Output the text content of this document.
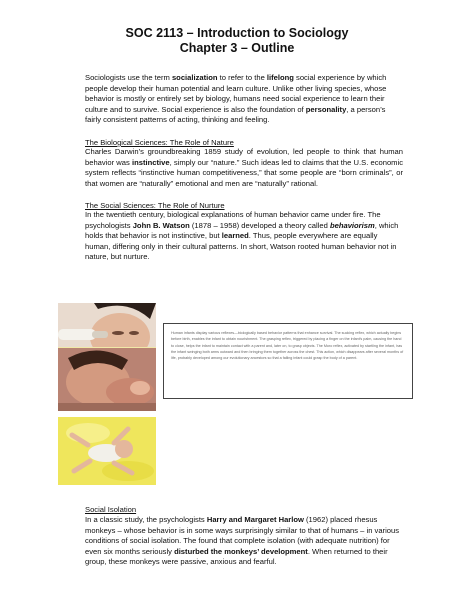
SOC 2113 – Introduction to Sociology
Chapter 3 – Outline
Sociologists use the term socialization to refer to the lifelong social experience by which people develop their human potential and learn culture. Unlike other living species, whose behavior is mostly or entirely set by biology, humans need social experience to learn their culture and to survive. Social experience is also the foundation of personality, a person’s fairly consistent patterns of acting, thinking and feeling.
The Biological Sciences: The Role of Nature
Charles Darwin’s groundbreaking 1859 study of evolution, led people to think that human behavior was instinctive, simply our “nature.” Such ideas led to claims that the U.S. economic system reflects “instinctive human competitiveness,” that some people are “born criminals”, or that women are “naturally” emotional and men are “naturally” rational.
The Social Sciences: The Role of Nurture
In the twentieth century, biological explanations of human behavior came under fire. The psychologists John B. Watson (1878 – 1958) developed a theory called behaviorism, which holds that behavior is not instinctive, but learned. Thus, people everywhere are equally human, differing only in their cultural patterns. In short, Watson rooted human behavior not in nature, but nurture.

Human infants display various reflexes—biologically based behavior patterns that enhance survival. The sucking reflex, which actually begins before birth, enables the infant to obtain nourishment. The grasping reflex, triggered by placing a finger on the infant's palm, causing the hand to close, helps the infant to maintain contact with a parent and, later on, to grasp objects. The Moro reflex, activated by startling the infant, has the infant swinging both arms outward and then bringing them together across the chest. This action, which disappears after several months of life, probably developed among our evolutionary ancestors so that a falling infant could grasp the body of a parent.

Social Isolation
In a classic study, the psychologists Harry and Margaret Harlow (1962) placed rhesus monkeys – whose behavior is in some ways surprisingly similar to that of humans – in various conditions of social isolation. The found that complete isolation (with adequate nutrition) for even six months seriously disturbed the monkeys’ development. When returned to their group, these monkeys were passive, anxious and fearful.
